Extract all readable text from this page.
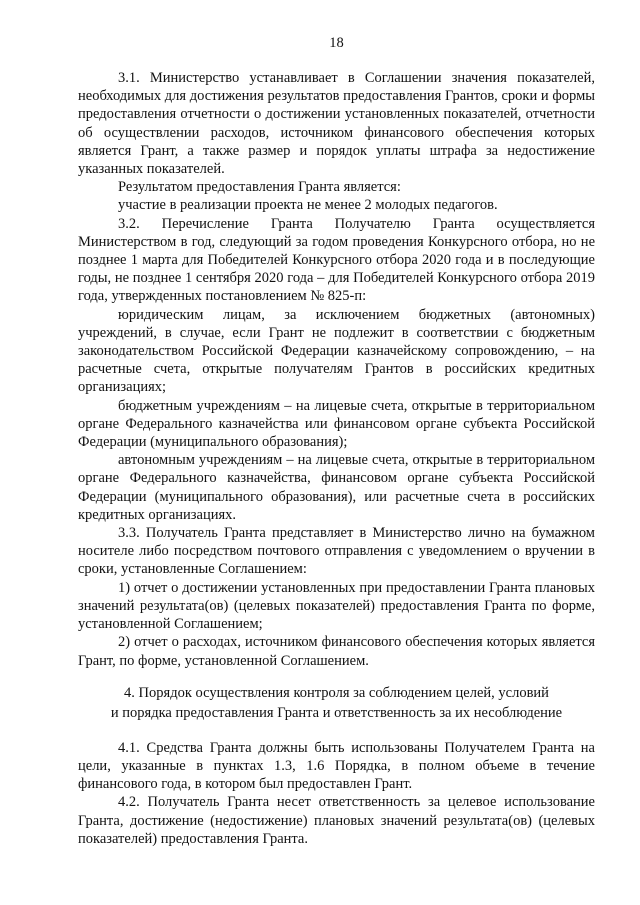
18

3.1. Министерство устанавливает в Соглашении значения показателей, необходимых для достижения результатов предоставления Грантов, сроки и формы предоставления отчетности о достижении установленных показателей, отчетности об осуществлении расходов, источником финансового обеспечения которых является Грант, а также размер и порядок уплаты штрафа за недостижение указанных показателей.

Результатом предоставления Гранта является:

участие в реализации проекта не менее 2 молодых педагогов.

3.2. Перечисление Гранта Получателю Гранта осуществляется Министерством в год, следующий за годом проведения Конкурсного отбора, но не позднее 1 марта для Победителей Конкурсного отбора 2020 года и в последующие годы, не позднее 1 сентября 2020 года – для Победителей Конкурсного отбора 2019 года, утвержденных постановлением № 825-п:

юридическим лицам, за исключением бюджетных (автономных) учреждений, в случае, если Грант не подлежит в соответствии с бюджетным законодательством Российской Федерации казначейскому сопровождению, – на расчетные счета, открытые получателям Грантов в российских кредитных организациях;

бюджетным учреждениям – на лицевые счета, открытые в территориальном органе Федерального казначейства или финансовом органе субъекта Российской Федерации (муниципального образования);

автономным учреждениям – на лицевые счета, открытые в территориальном органе Федерального казначейства, финансовом органе субъекта Российской Федерации (муниципального образования), или расчетные счета в российских кредитных организациях.

3.3. Получатель Гранта представляет в Министерство лично на бумажном носителе либо посредством почтового отправления с уведомлением о вручении в сроки, установленные Соглашением:

1) отчет о достижении установленных при предоставлении Гранта плановых значений результата(ов) (целевых показателей) предоставления Гранта по форме, установленной Соглашением;

2) отчет о расходах, источником финансового обеспечения которых является Грант, по форме, установленной Соглашением.

4. Порядок осуществления контроля за соблюдением целей, условий
и порядка предоставления Гранта и ответственность за их несоблюдение

4.1. Средства Гранта должны быть использованы Получателем Гранта на цели, указанные в пунктах 1.3, 1.6 Порядка, в полном объеме в течение финансового года, в котором был предоставлен Грант.

4.2. Получатель Гранта несет ответственность за целевое использование Гранта, достижение (недостижение) плановых значений результата(ов) (целевых показателей) предоставления Гранта.
